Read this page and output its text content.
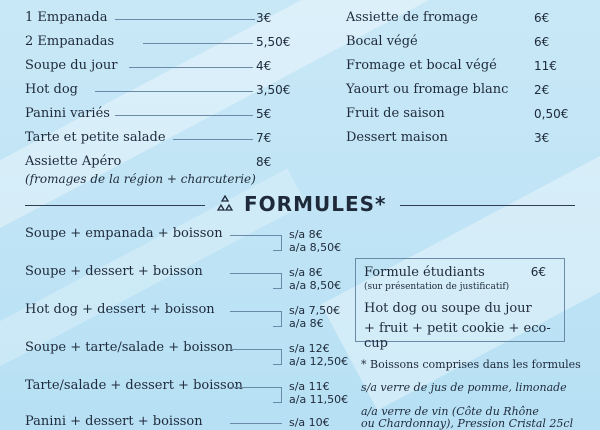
1 Empanada	3€
2 Empanadas	5,50€
Soupe du jour	4€
Hot dog	3,50€
Panini variés	5€
Tarte et petite salade	7€
Assiette Apéro	8€
(fromages de la région + charcuterie)
Assiette de fromage	6€
Bocal végé	6€
Fromage et bocal végé	11€
Yaourt ou fromage blanc 2€
Fruit de saison	0,50€
Dessert maison	3€
FORMULES*
Soupe + empanada + boisson	s/a 8€
a/a 8,50€
Soupe + dessert + boisson	s/a 8€
a/a 8,50€
Hot dog + dessert + boisson	s/a 7,50€
a/a 8€
Soupe + tarte/salade + boisson	s/a 12€
a/a 12,50€
Tarte/salade + dessert + boisson	s/a 11€
a/a 11,50€
Panini + dessert + boisson	s/a 10€
Formule étudiants	6€
(sur présentation de justificatif)
Hot dog ou soupe du jour
+ fruit + petit cookie + eco-cup
* Boissons comprises dans les formules
s/a verre de jus de pomme, limonade
a/a verre de vin (Côte du Rhône
ou Chardonnay), Pression Cristal 25cl
